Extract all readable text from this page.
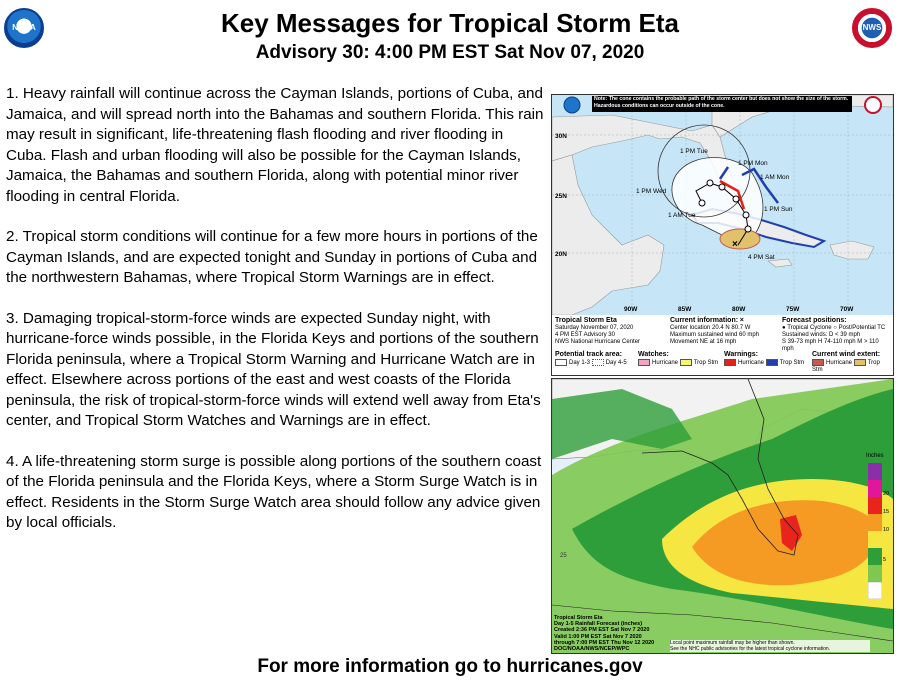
NOAA	NWS
Key Messages for Tropical Storm Eta
Advisory 30: 4:00 PM EST Sat Nov 07, 2020

1. Heavy rainfall will continue across the Cayman Islands, portions of Cuba, and Jamaica, and will spread north into the Bahamas and southern Florida. This rain may result in significant, life-threatening flash flooding and river flooding in Cuba. Flash and urban flooding will also be possible for the Cayman Islands, Jamaica, the Bahamas and southern Florida, along with potential minor river flooding in central Florida.

2. Tropical storm conditions will continue for a few more hours in portions of the Cayman Islands, and are expected tonight and Sunday in portions of Cuba and the northwestern Bahamas, where Tropical Storm Warnings are in effect.

3. Damaging tropical-storm-force winds are expected Sunday night, with hurricane-force winds possible, in the Florida Keys and portions of the southern Florida peninsula, where a Tropical Storm Warning and Hurricane Watch are in effect. Elsewhere across portions of the east and west coasts of the Florida peninsula, the risk of tropical-storm-force winds will extend well away from Eta's center, and Tropical Storm Watches and Warnings are in effect.

4. A life-threatening storm surge is possible along portions of the southern coast of the Florida peninsula and the Florida Keys, where a Storm Surge Watch is in effect. Residents in the Storm Surge Watch area should follow any advice given by local officials.

×
1 PM Tue
1 PM Mon
1 AM Mon
1 PM Wed
1 PM Sun
1 AM Tue
4 PM Sat
30N
25N
20N
90W	85W	80W	75W	70W
Note: The cone contains the probable path of the storm center but does not show the size of the storm. Hazardous conditions can occur outside of the cone.
Tropical Storm Eta
Saturday November 07, 2020
4 PM EST Advisory 30
NWS National Hurricane Center
Current information: ×
Center location 20.4 N 80.7 W
Maximum sustained wind 60 mph
Movement NE at 16 mph
Forecast positions:
● Tropical Cyclone ○ Post/Potential TC
Sustained winds: D < 39 mph
S 39-73 mph H 74-110 mph M > 110 mph
Potential track area:
Day 1-3	Day 4-5
Watches:
Hurricane	Trop Stm
Warnings:
Hurricane	Trop Stm
Current wind extent:
Hurricane	Trop Stm
25
Inches
20
15
10
5
Tropical Storm Eta
Day 1-5 Rainfall Forecast (inches)
Created 2:36 PM EST Sat Nov 7 2020
Valid 1:00 PM EST Sat Nov 7 2020
through 7:00 PM EST Thu Nov 12 2020
DOC/NOAA/NWS/NCEP/WPC
Local point maximum rainfall may be higher than shown.
See the NHC public advisories for the latest tropical cyclone information.
For more information go to hurricanes.gov
